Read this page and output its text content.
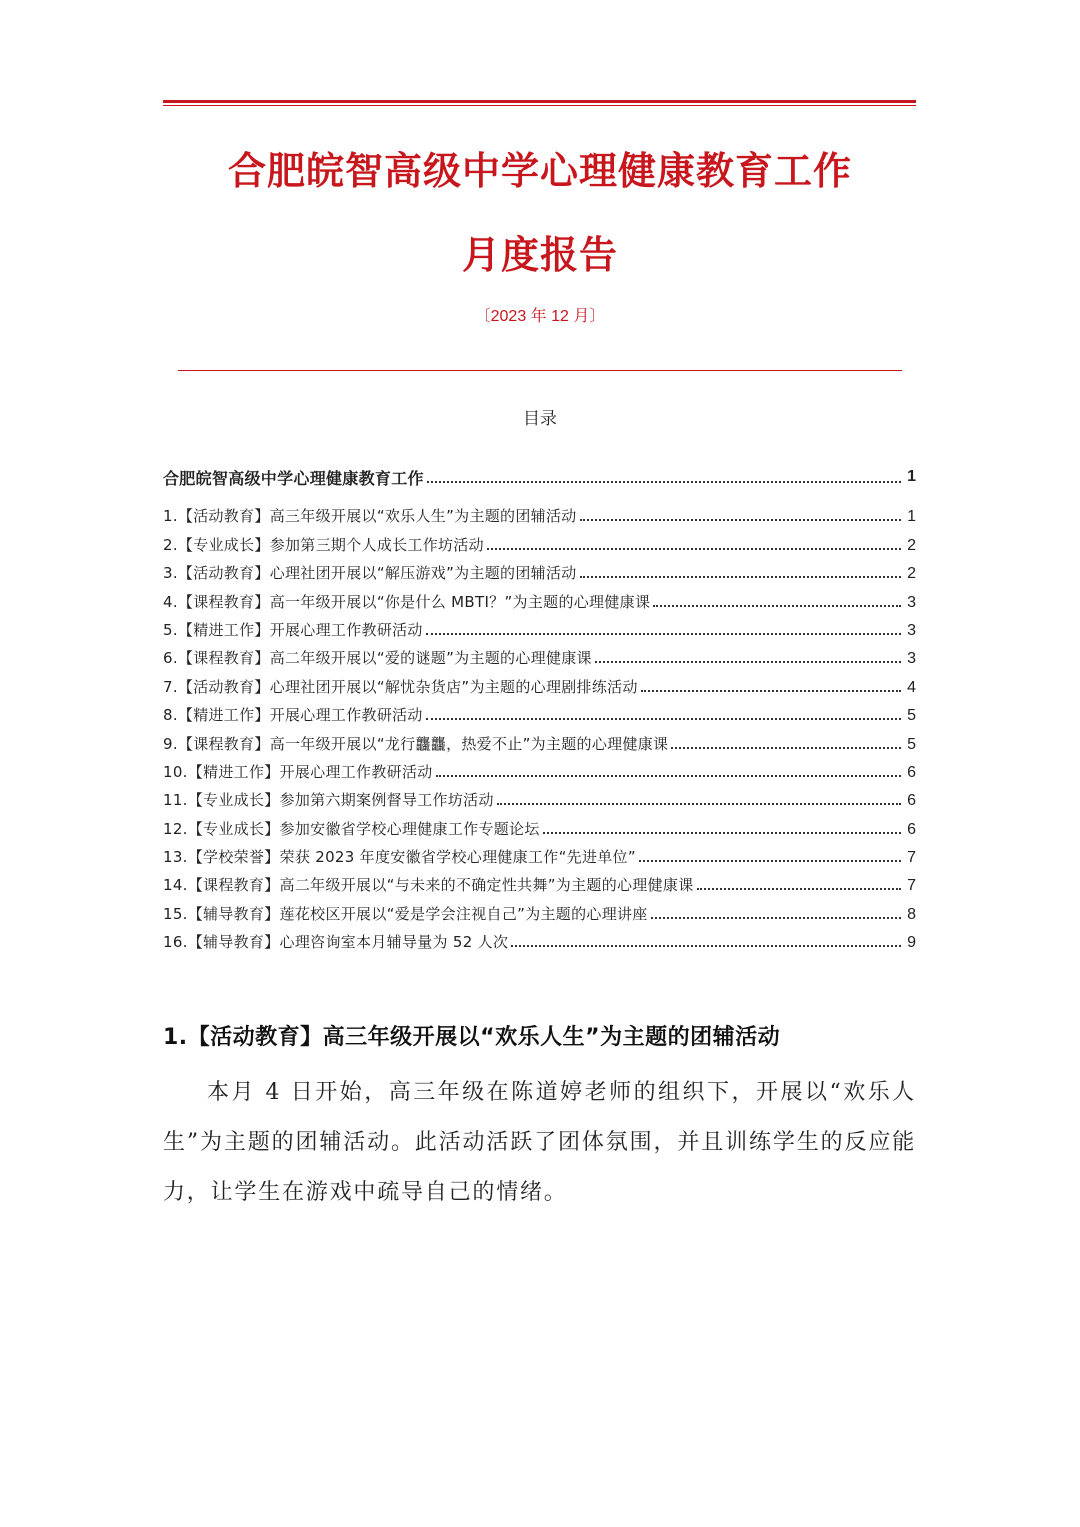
合肥皖智高级中学心理健康教育工作
月度报告
〔2023 年 12 月〕
目录
合肥皖智高级中学心理健康教育工作	1
1.【活动教育】高三年级开展以“欢乐人生”为主题的团辅活动	1
2.【专业成长】参加第三期个人成长工作坊活动	2
3.【活动教育】心理社团开展以“解压游戏”为主题的团辅活动	2
4.【课程教育】高一年级开展以“你是什么 MBTI？”为主题的心理健康课	3
5.【精进工作】开展心理工作教研活动	3
6.【课程教育】高二年级开展以“爱的谜题”为主题的心理健康课	3
7.【活动教育】心理社团开展以“解忧杂货店”为主题的心理剧排练活动	4
8.【精进工作】开展心理工作教研活动	5
9.【课程教育】高一年级开展以“龙行龘龘，热爱不止”为主题的心理健康课	5
10.【精进工作】开展心理工作教研活动	6
11.【专业成长】参加第六期案例督导工作坊活动	6
12.【专业成长】参加安徽省学校心理健康工作专题论坛	6
13.【学校荣誉】荣获 2023 年度安徽省学校心理健康工作“先进单位”	7
14.【课程教育】高二年级开展以“与未来的不确定性共舞”为主题的心理健康课	7
15.【辅导教育】莲花校区开展以“爱是学会注视自己”为主题的心理讲座	8
16.【辅导教育】心理咨询室本月辅导量为 52 人次	9
1.【活动教育】高三年级开展以“欢乐人生”为主题的团辅活动
本月 4 日开始，高三年级在陈道婷老师的组织下，开展以“欢乐人生”为主题的团辅活动。此活动活跃了团体氛围，并且训练学生的反应能力，让学生在游戏中疏导自己的情绪。
